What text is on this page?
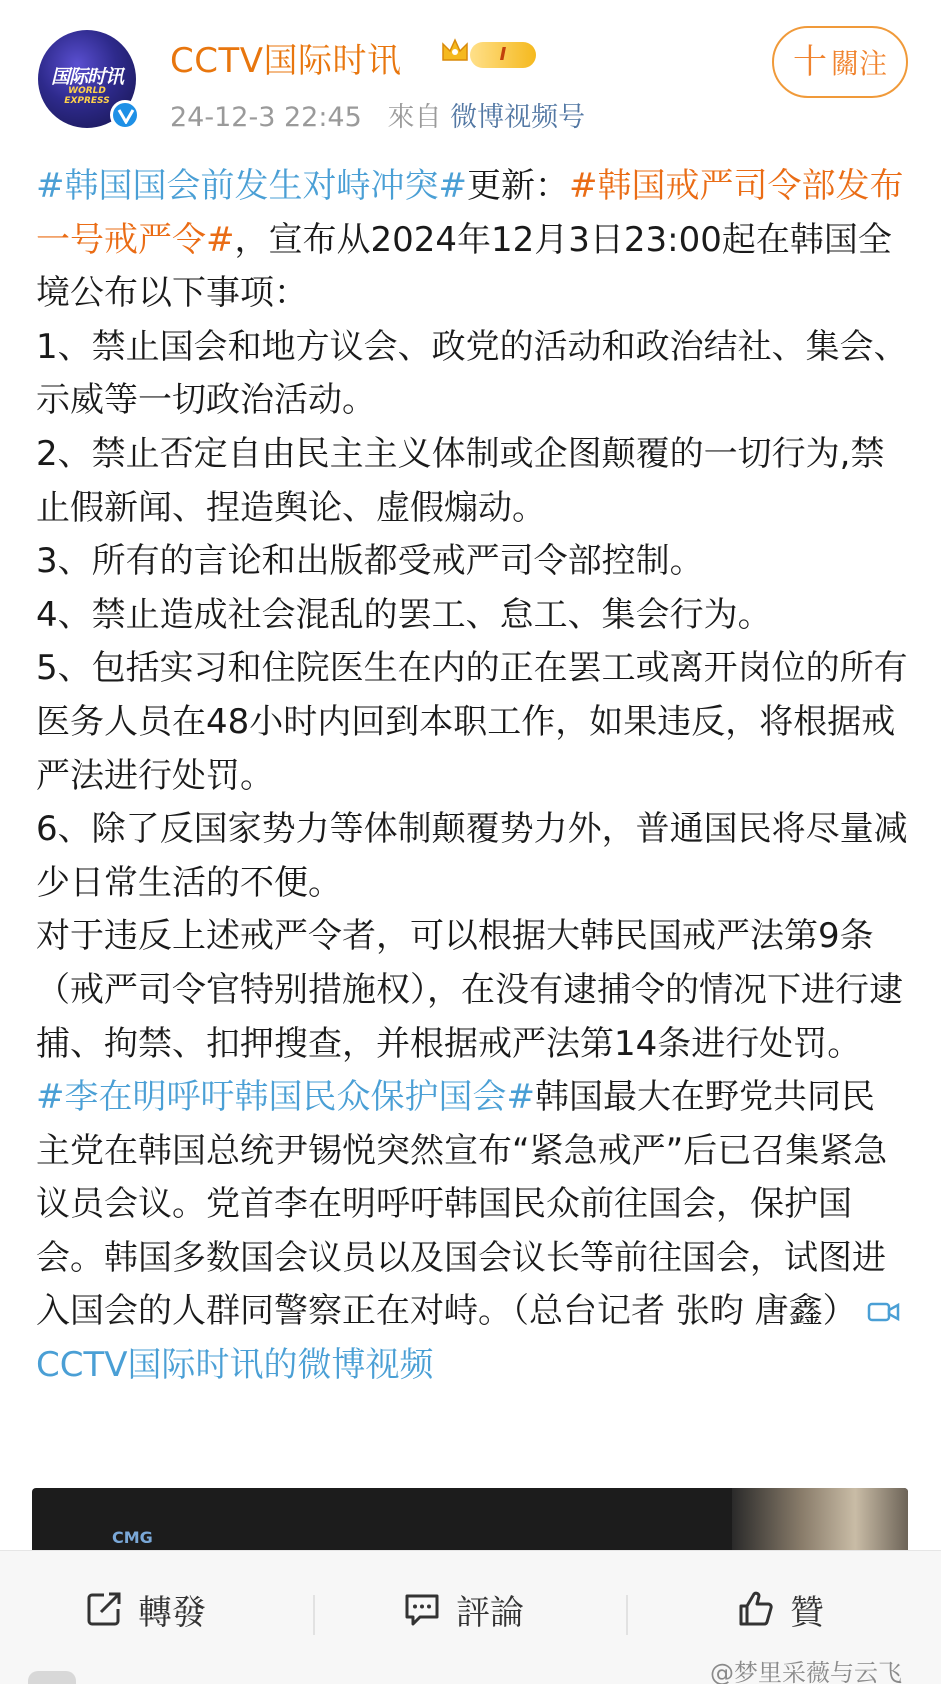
国际时讯
WORLD EXPRESS
CCTV国际时讯	I
24-12-3 22:45 來自 微博视频号
十 關注

#韩国国会前发生对峙冲突#更新：#韩国戒严司令部发布一号戒严令#，宣布从2024年12月3日23:00起在韩国全境公布以下事项：

1、禁止国会和地方议会、政党的活动和政治结社、集会、示威等一切政治活动。

2、禁止否定自由民主主义体制或企图颠覆的一切行为,禁止假新闻、捏造舆论、虚假煽动。

3、所有的言论和出版都受戒严司令部控制。

4、禁止造成社会混乱的罢工、怠工、集会行为。

5、包括实习和住院医生在内的正在罢工或离开岗位的所有医务人员在48小时内回到本职工作，如果违反，将根据戒严法进行处罚。

6、除了反国家势力等体制颠覆势力外，普通国民将尽量减少日常生活的不便。

对于违反上述戒严令者，可以根据大韩民国戒严法第9条（戒严司令官特别措施权），在没有逮捕令的情况下进行逮捕、拘禁、扣押搜查，并根据戒严法第14条进行处罚。

#李在明呼吁韩国民众保护国会#韩国最大在野党共同民主党在韩国总统尹锡悦突然宣布“紧急戒严”后已召集紧急议员会议。党首李在明呼吁韩国民众前往国会，保护国会。韩国多数国会议员以及国会议长等前往国会，试图进入国会的人群同警察正在对峙。（总台记者 张昀 唐鑫） CCTV国际时讯的微博视频

CMG
轉發	評論	贊
@梦里采薇与云飞
